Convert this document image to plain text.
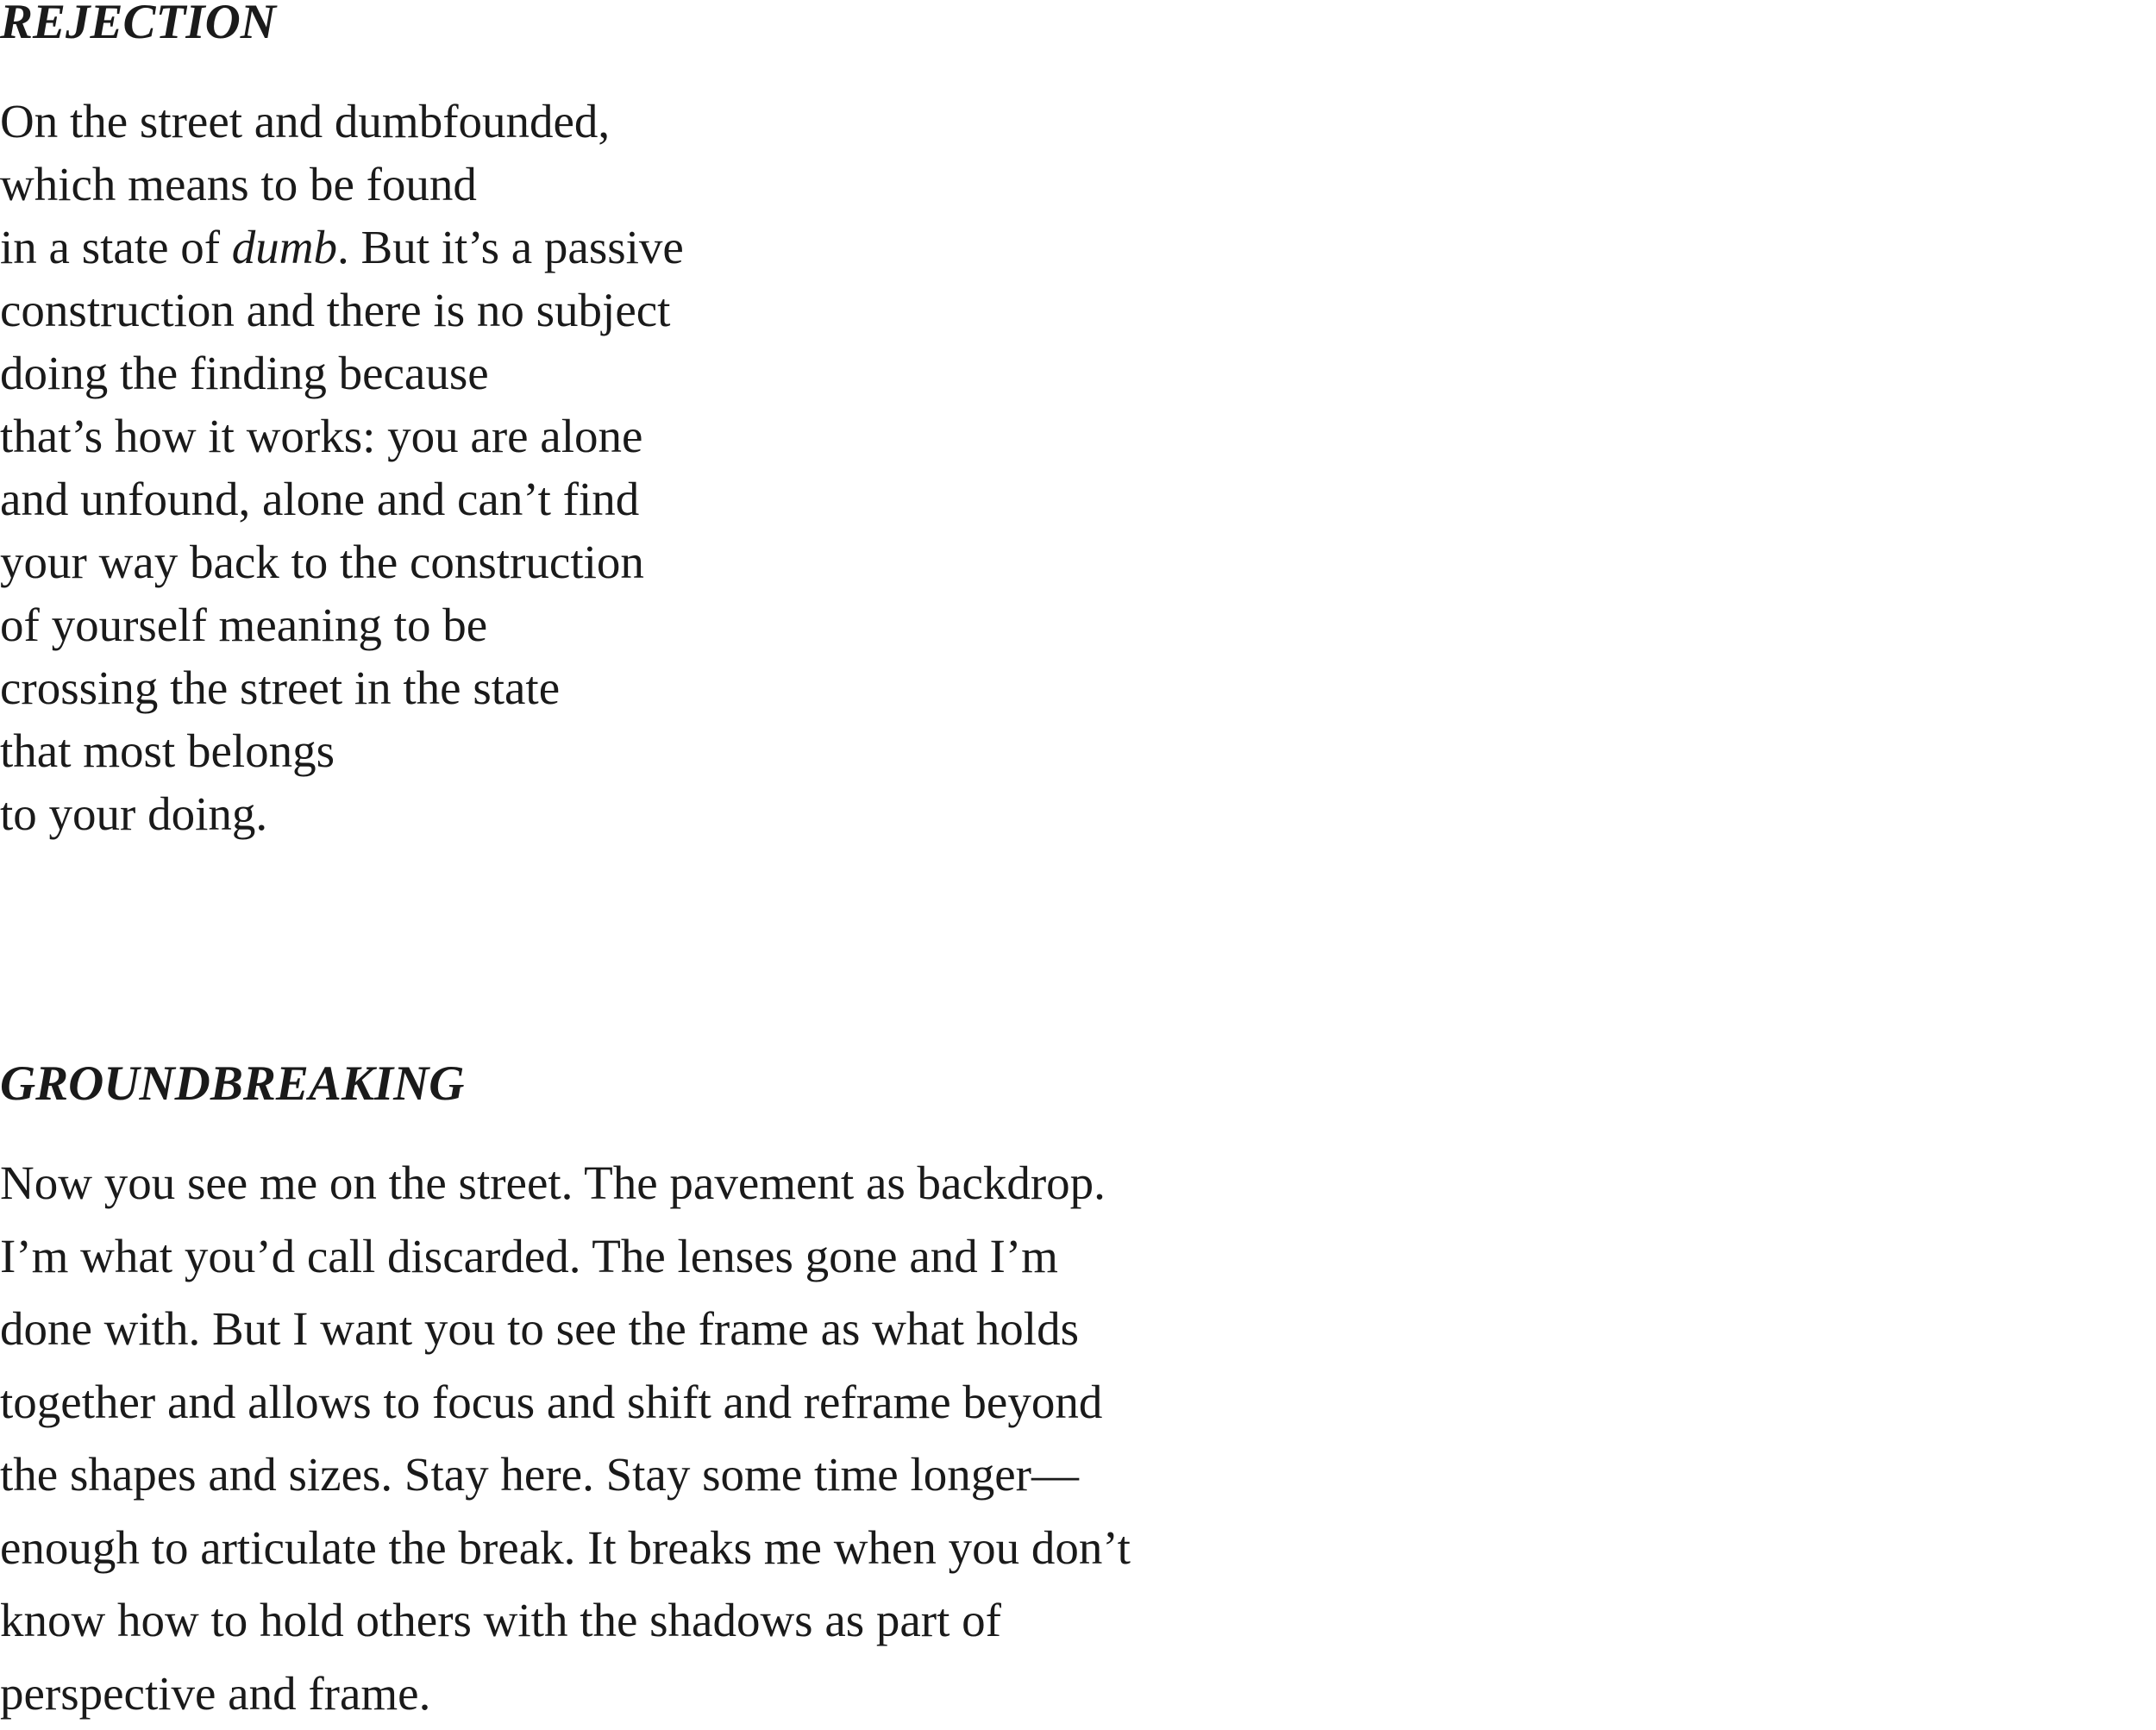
REJECTION
On the street and dumbfounded,
which means to be found
in a state of dumb. But it’s a passive
construction and there is no subject
doing the finding because
that’s how it works: you are alone
and unfound, alone and can’t find
your way back to the construction
of yourself meaning to be
crossing the street in the state
that most belongs
to your doing.
GROUNDBREAKING
Now you see me on the street. The pavement as backdrop.
I’m what you’d call discarded. The lenses gone and I’m
done with. But I want you to see the frame as what holds
together and allows to focus and shift and reframe beyond
the shapes and sizes. Stay here. Stay some time longer—
enough to articulate the break. It breaks me when you don’t
know how to hold others with the shadows as part of
perspective and frame.
